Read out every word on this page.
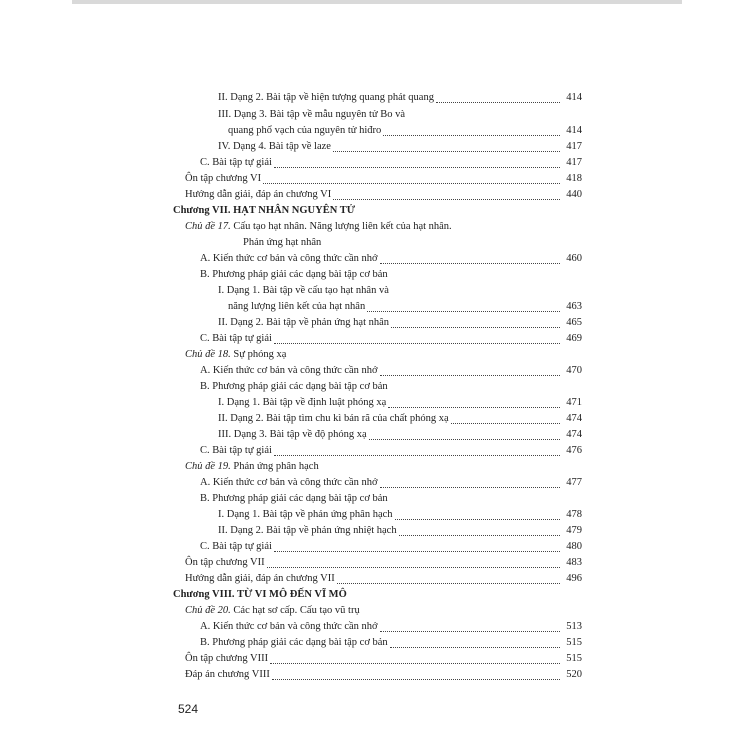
II. Dạng 2. Bài tập về hiện tượng quang phát quang	414
III. Dạng 3. Bài tập về mẫu nguyên tử Bo và
quang phổ vạch của nguyên tử hiđro	414
IV. Dạng 4. Bài tập về laze	417
C. Bài tập tự giải	417
Ôn tập chương VI	418
Hướng dẫn giải, đáp án chương VI	440
Chương VII. HẠT NHÂN NGUYÊN TỬ
Chủ đề 17. Cấu tạo hạt nhân. Năng lượng liên kết của hạt nhân.
Phản ứng hạt nhân
A. Kiến thức cơ bản và công thức cần nhớ	460
B. Phương pháp giải các dạng bài tập cơ bản
I. Dạng 1. Bài tập về cấu tạo hạt nhân và
năng lượng liên kết của hạt nhân	463
II. Dạng 2. Bài tập về phản ứng hạt nhân	465
C. Bài tập tự giải	469
Chủ đề 18. Sự phóng xạ
A. Kiến thức cơ bản và công thức cần nhớ	470
B. Phương pháp giải các dạng bài tập cơ bản
I. Dạng 1. Bài tập về định luật phóng xạ	471
II. Dạng 2. Bài tập tìm chu kì bán rã của chất phóng xạ	474
III. Dạng 3. Bài tập về độ phóng xạ	474
C. Bài tập tự giải	476
Chủ đề 19. Phản ứng phân hạch
A. Kiến thức cơ bản và công thức cần nhớ	477
B. Phương pháp giải các dạng bài tập cơ bản
I. Dạng 1. Bài tập về phản ứng phân hạch	478
II. Dạng 2. Bài tập về phản ứng nhiệt hạch	479
C. Bài tập tự giải	480
Ôn tập chương VII	483
Hướng dẫn giải, đáp án chương VII	496
Chương VIII. TỪ VI MÔ ĐẾN VĨ MÔ
Chủ đề 20. Các hạt sơ cấp. Cấu tạo vũ trụ
A. Kiến thức cơ bản và công thức cần nhớ	513
B. Phương pháp giải các dạng bài tập cơ bản	515
Ôn tập chương VIII	515
Đáp án chương VIII	520
524
